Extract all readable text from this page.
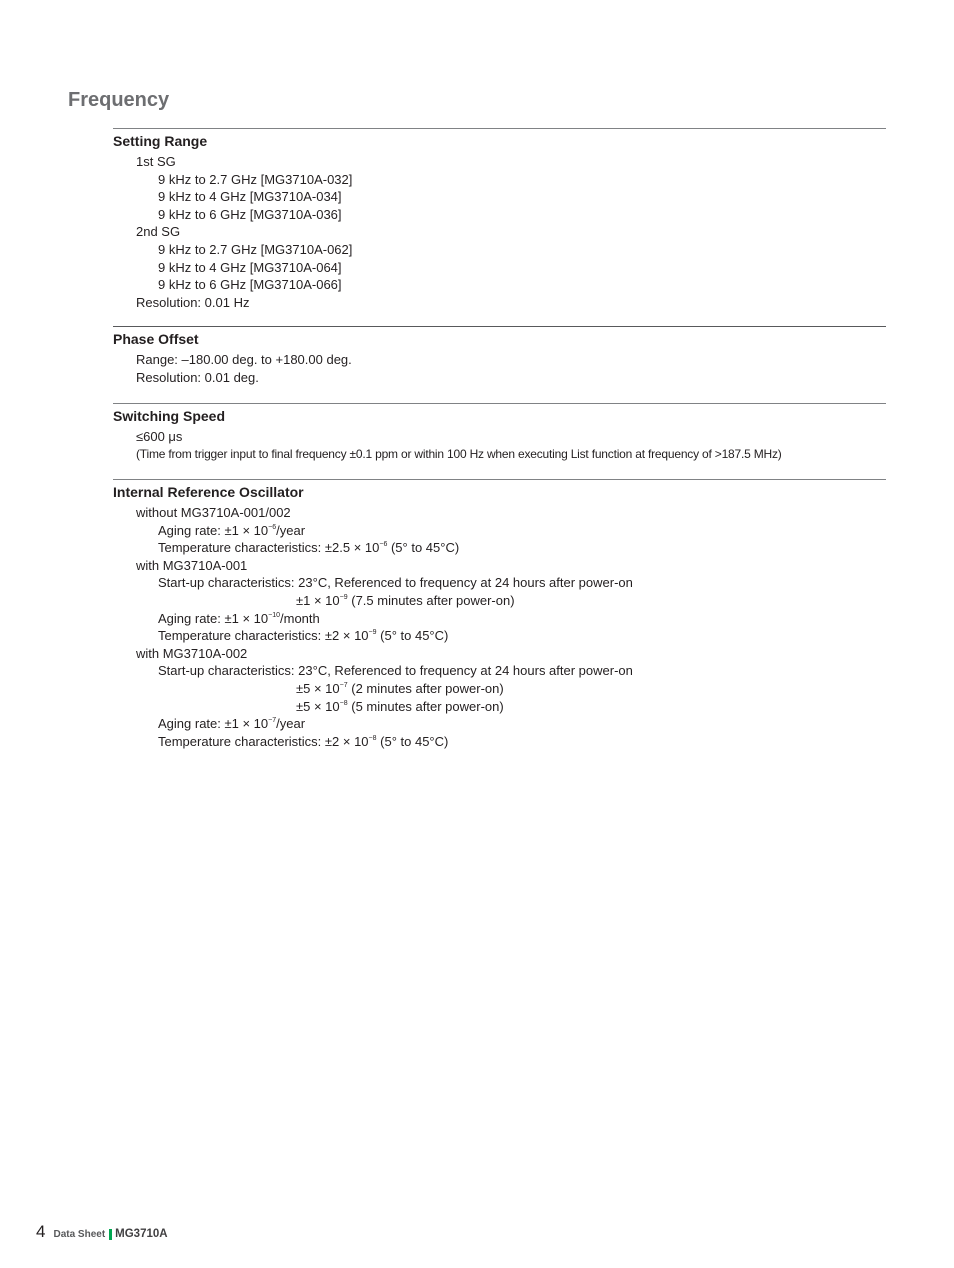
Frequency
Setting Range
1st SG
9 kHz to 2.7 GHz [MG3710A-032]
9 kHz to 4 GHz [MG3710A-034]
9 kHz to 6 GHz [MG3710A-036]
2nd SG
9 kHz to 2.7 GHz [MG3710A-062]
9 kHz to 4 GHz [MG3710A-064]
9 kHz to 6 GHz [MG3710A-066]
Resolution: 0.01 Hz
Phase Offset
Range: –180.00 deg. to +180.00 deg.
Resolution: 0.01 deg.
Switching Speed
≤600 μs
(Time from trigger input to final frequency ±0.1 ppm or within 100 Hz when executing List function at frequency of >187.5 MHz)
Internal Reference Oscillator
without MG3710A-001/002
Aging rate: $\pm 1 \times 10^{-6}$/year
Temperature characteristics: $\pm 2.5 \times 10^{-6}$ (5° to 45°C)
with MG3710A-001
Start-up characteristics: 23°C, Referenced to frequency at 24 hours after power-on
$\pm 1 \times 10^{-9}$ (7.5 minutes after power-on)
Aging rate: $\pm 1 \times 10^{-10}$/month
Temperature characteristics: $\pm 2 \times 10^{-9}$ (5° to 45°C)
with MG3710A-002
Start-up characteristics: 23°C, Referenced to frequency at 24 hours after power-on
$\pm 5 \times 10^{-7}$ (2 minutes after power-on)
$\pm 5 \times 10^{-8}$ (5 minutes after power-on)
Aging rate: $\pm 1 \times 10^{-7}$/year
Temperature characteristics: $\pm 2 \times 10^{-8}$ (5° to 45°C)
4 Data Sheet MG3710A
